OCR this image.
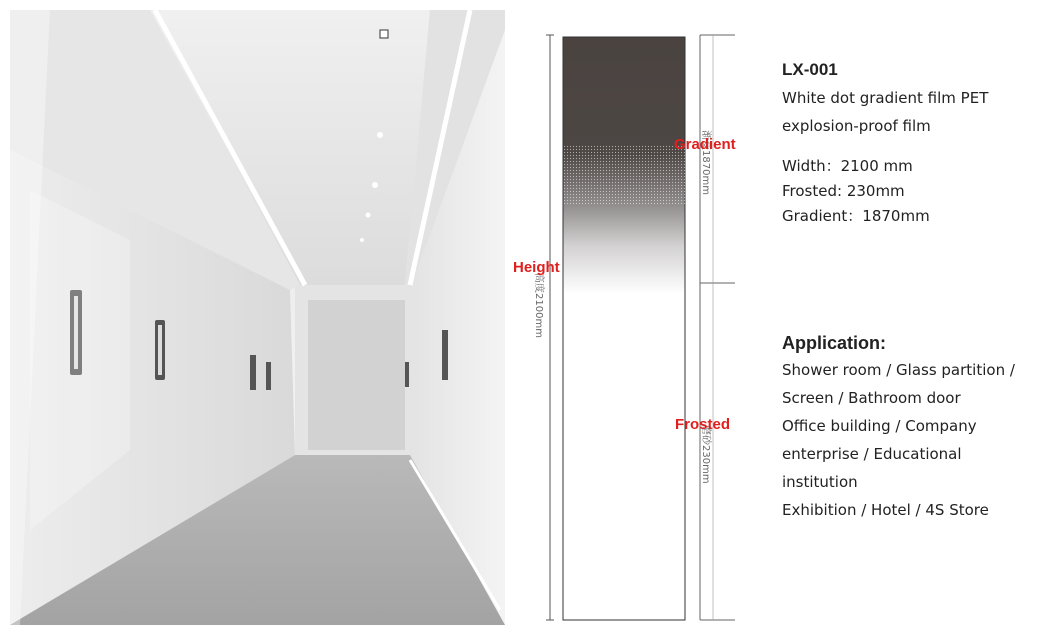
高度2100mm
渐变1870mm
磨砂230mm
Gradient
Height
Frosted
LX-001
White dot gradient film PET
explosion-proof film
Width：2100 mm
Frosted: 230mm
Gradient：1870mm
Application:
Shower room / Glass partition /
Screen / Bathroom door
Office building / Company
enterprise / Educational
institution
Exhibition / Hotel / 4S Store
